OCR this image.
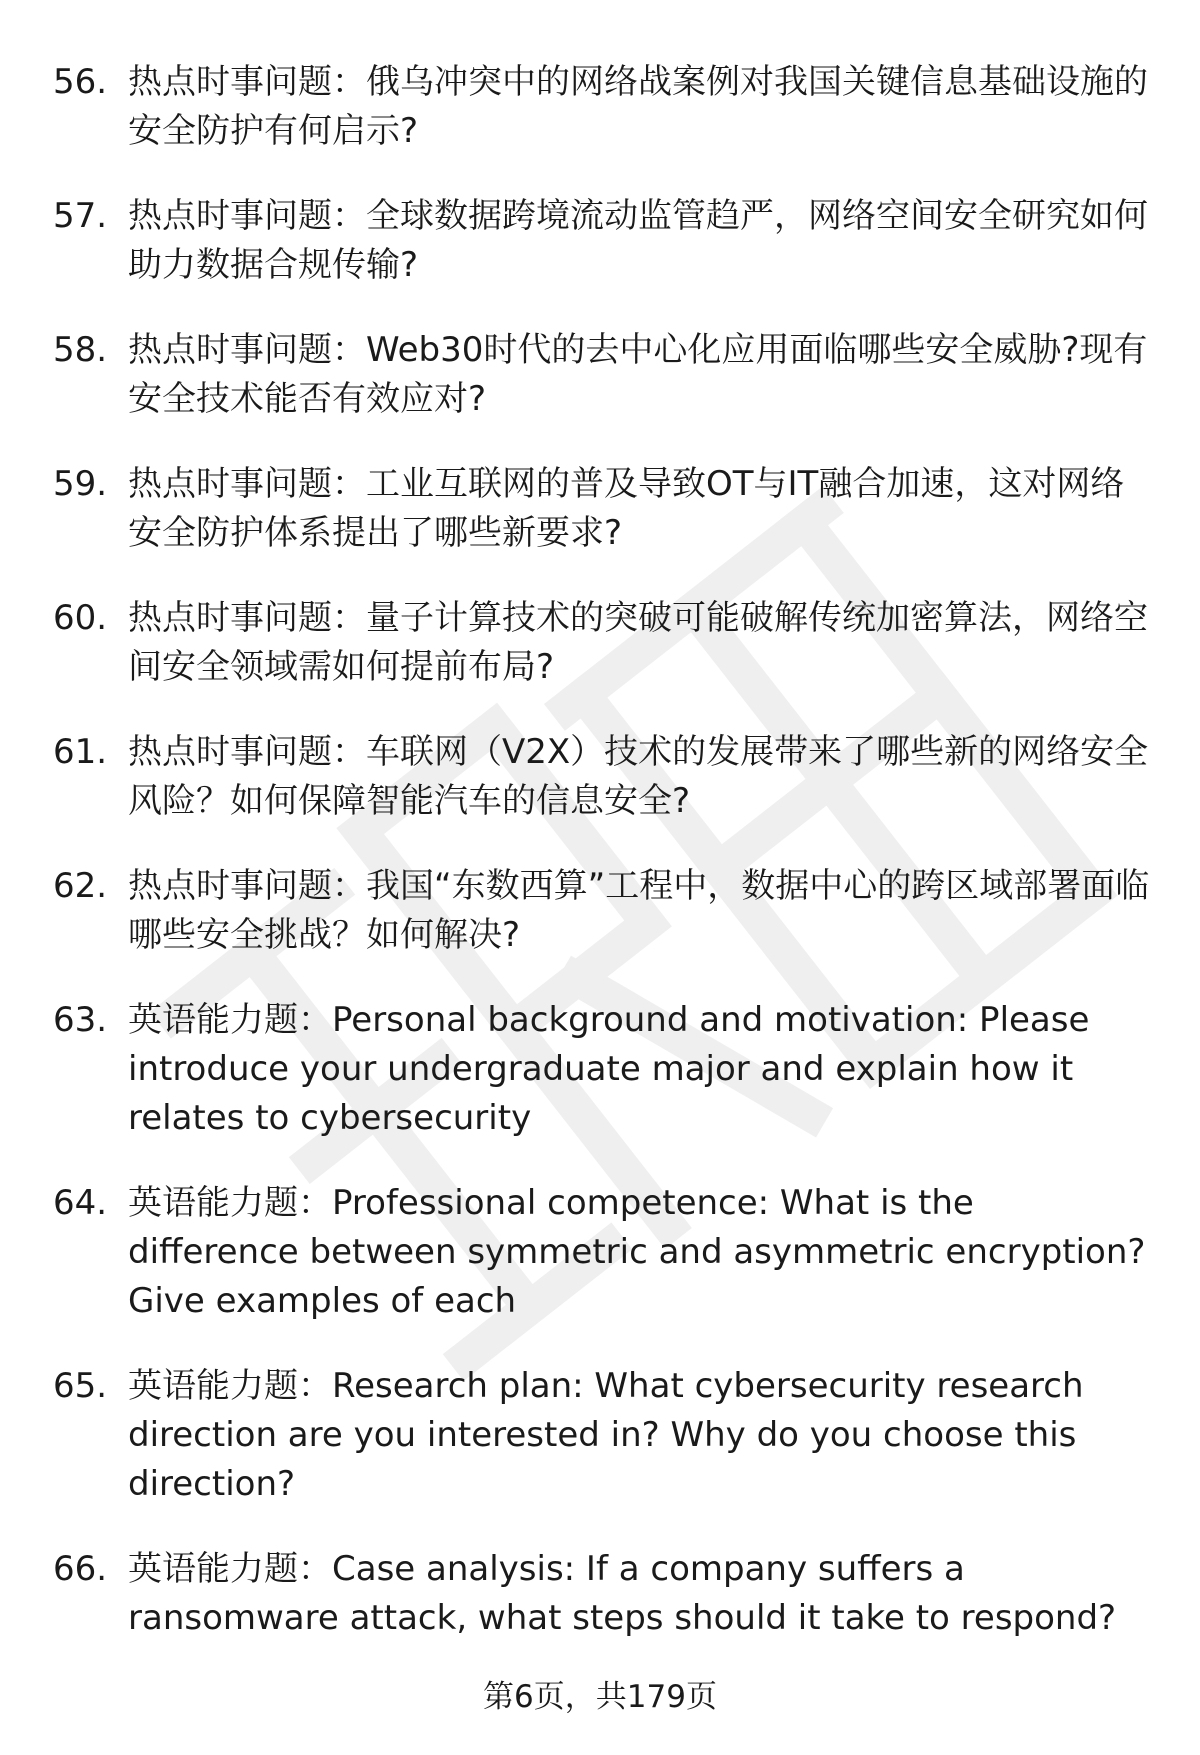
56. 热点时事问题：俄乌冲突中的网络战案例对我国关键信息基础设施的安全防护有何启示?
57. 热点时事问题：全球数据跨境流动监管趋严，网络空间安全研究如何助力数据合规传输?
58. 热点时事问题：Web30时代的去中心化应用面临哪些安全威胁?现有安全技术能否有效应对?
59. 热点时事问题：工业互联网的普及导致OT与IT融合加速，这对网络安全防护体系提出了哪些新要求?
60. 热点时事问题：量子计算技术的突破可能破解传统加密算法，网络空间安全领域需如何提前布局?
61. 热点时事问题：车联网（V2X）技术的发展带来了哪些新的网络安全风险？如何保障智能汽车的信息安全?
62. 热点时事问题：我国“东数西算”工程中，数据中心的跨区域部署面临哪些安全挑战？如何解决?
63. 英语能力题：Personal background and motivation: Please introduce your undergraduate major and explain how it relates to cybersecurity
64. 英语能力题：Professional competence: What is the difference between symmetric and asymmetric encryption? Give examples of each
65. 英语能力题：Research plan: What cybersecurity research direction are you interested in? Why do you choose this direction?
66. 英语能力题：Case analysis: If a company suffers a ransomware attack, what steps should it take to respond?
第6页，共179页
